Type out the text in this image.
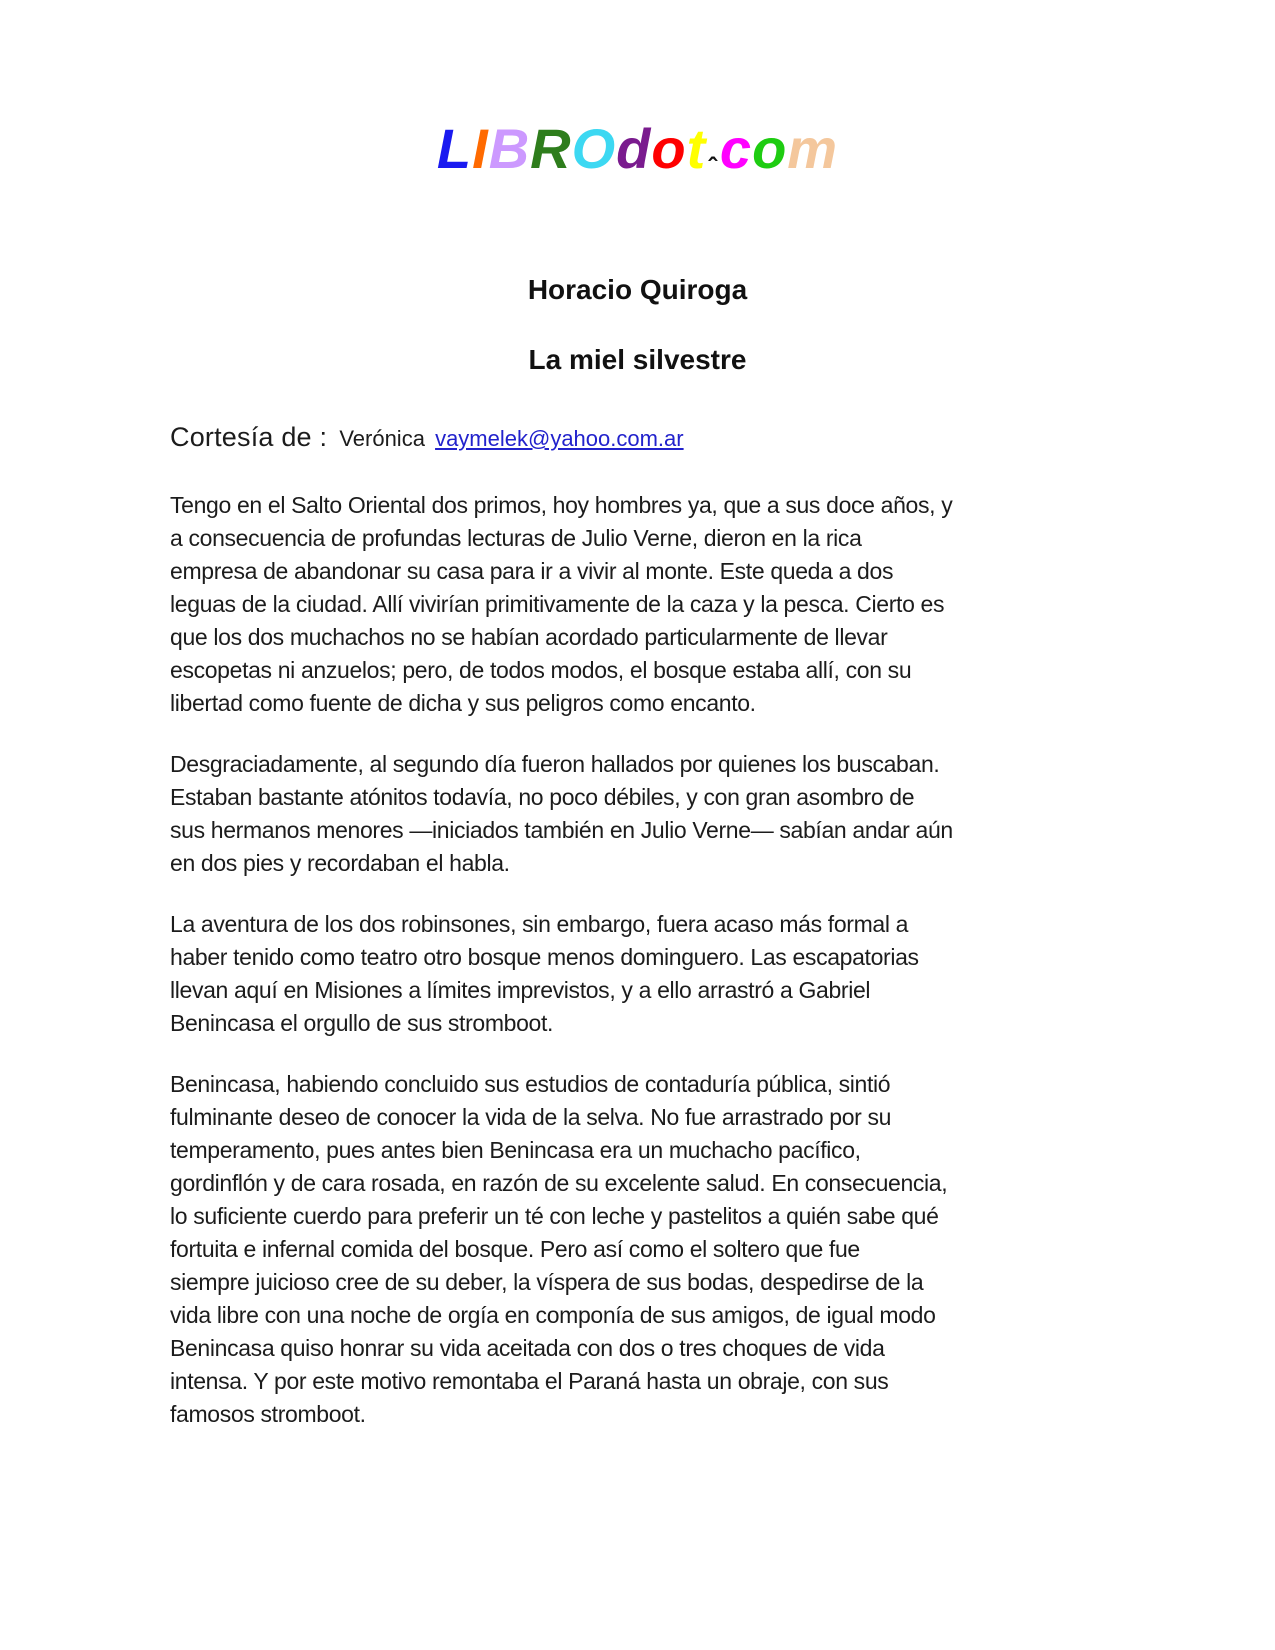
LIBROdotˆcom
Horacio Quiroga
La miel silvestre

Cortesía de : Verónica vaymelek@yahoo.com.ar

Tengo en el Salto Oriental dos primos, hoy hombres ya, que a sus doce años, y
a consecuencia de profundas lecturas de Julio Verne, dieron en la rica
empresa de abandonar su casa para ir a vivir al monte. Este queda a dos
leguas de la ciudad. Allí vivirían primitivamente de la caza y la pesca. Cierto es
que los dos muchachos no se habían acordado particularmente de llevar
escopetas ni anzuelos; pero, de todos modos, el bosque estaba allí, con su
libertad como fuente de dicha y sus peligros como encanto.

Desgraciadamente, al segundo día fueron hallados por quienes los buscaban.
Estaban bastante atónitos todavía, no poco débiles, y con gran asombro de
sus hermanos menores —iniciados también en Julio Verne— sabían andar aún
en dos pies y recordaban el habla.

La aventura de los dos robinsones, sin embargo, fuera acaso más formal a
haber tenido como teatro otro bosque menos dominguero. Las escapatorias
llevan aquí en Misiones a límites imprevistos, y a ello arrastró a Gabriel
Benincasa el orgullo de sus stromboot.

Benincasa, habiendo concluido sus estudios de contaduría pública, sintió
fulminante deseo de conocer la vida de la selva. No fue arrastrado por su
temperamento, pues antes bien Benincasa era un muchacho pacífico,
gordinflón y de cara rosada, en razón de su excelente salud. En consecuencia,
lo suficiente cuerdo para preferir un té con leche y pastelitos a quién sabe qué
fortuita e infernal comida del bosque. Pero así como el soltero que fue
siempre juicioso cree de su deber, la víspera de sus bodas, despedirse de la
vida libre con una noche de orgía en componía de sus amigos, de igual modo
Benincasa quiso honrar su vida aceitada con dos o tres choques de vida
intensa. Y por este motivo remontaba el Paraná hasta un obraje, con sus
famosos stromboot.
